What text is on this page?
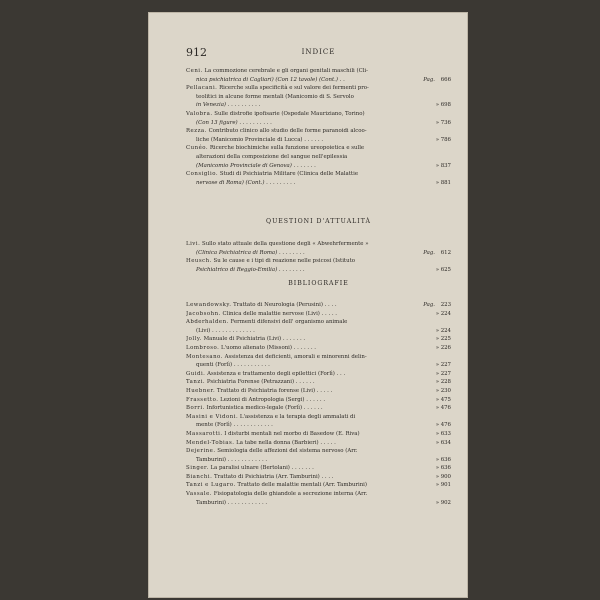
912	INDICE
Ceni. La commozione cerebrale e gli organi genitali maschili (Cli-
nica psichiatrica di Cagliari) (Con 12 tavole) (Cont.) . .	Pag.	666
Pellacani. Ricerche sulla specificità e sul valore dei fermenti pro-
teolitici in alcune forme mentali (Manicomio di S. Servolo
in Venezia) . . . . . . . . . .	» 698
Valobra. Sulle distrofie ipofisarie (Ospedale Mauriziano, Torino)
(Con 13 figure) . . . . . . . . . .	» 736
Rezza. Contributo clinico allo studio delle forme paranoidi alcoo-
liche (Manicomio Provinciale di Lucca) . . . . . .	» 786
Cunéo. Ricerche biochimiche sulla funzione ureopoietica e sulle
alterazioni della composizione del sangue nell'epilessia
(Manicomio Provinciale di Genova) . . . . . . .	» 837
Consiglio. Studi di Psichiatria Militare (Clinica delle Malattie
nervose di Roma) (Cont.) . . . . . . . . .	» 881
QUESTIONI D'ATTUALITÀ
Livi. Sullo stato attuale della questione degli « Abwehrfermente »
(Clinica Psichiatrica di Roma) . . . . . . . .	Pag.	612
Heusch. Su le cause e i tipi di reazione nelle psicosi (Istituto
Psichiatrico di Reggio-Emilia) . . . . . . . .	» 625
BIBLIOGRAFIE
Lewandowsky. Trattato di Neurologia (Perusini) . . . .	Pag.	223
Jacobsohn. Clinica delle malattie nervose (Livi) . . . . .	» 224
Abderhalden. Fermenti difensivi dell' organismo animale
(Livi) . . . . . . . . . . . . .	» 224
Jolly. Manuale di Psichiatria (Livi) . . . . . . .	» 225
Lombroso. L'uomo alienato (Missoni) . . . . . . .	» 226
Montesano. Assistenza dei deficienti, amorali e minorenni delin-
quenti (Forlì) . . . . . . . . . . .	» 227
Guidi. Assistenza e trattamento degli epilettici (Forlì) . . .	» 227
Tanzi. Psichiatria Forense (Petrazzani) . . . . . .	» 228
Huebner. Trattato di Psichiatria forense (Livi) . . . . .	» 230
Frassetto. Lezioni di Antropologia (Sergi) . . . . . .	» 475
Borri. Infortunistica medico-legale (Forlì) . . . . . .	» 476
Masini e Vidoni. L'assistenza e la terapia degli ammalati di
mente (Forlì) . . . . . . . . . . . .	» 476
Massarotti. I disturbi mentali nel morbo di Basedow (E. Riva)	» 633
Mendel-Tobias. La tabe nella donna (Barbieri) . . . . .	» 634
Dejerine. Semiologia delle affezioni del sistema nervoso (Arr.
Tamburini) . . . . . . . . . . . .	» 636
Singer. La paralisi ulnare (Bertolani) . . . . . . .	» 636
Bianchi. Trattato di Psichiatria (Arr. Tamburini) . . . .	» 900
Tanzi e Lugaro. Trattato delle malattie mentali (Arr. Tamburini)	» 901
Vassale. Fisiopatologia delle ghiandole a secrezione interna (Arr.
Tamburini) . . . . . . . . . . . .	» 902
